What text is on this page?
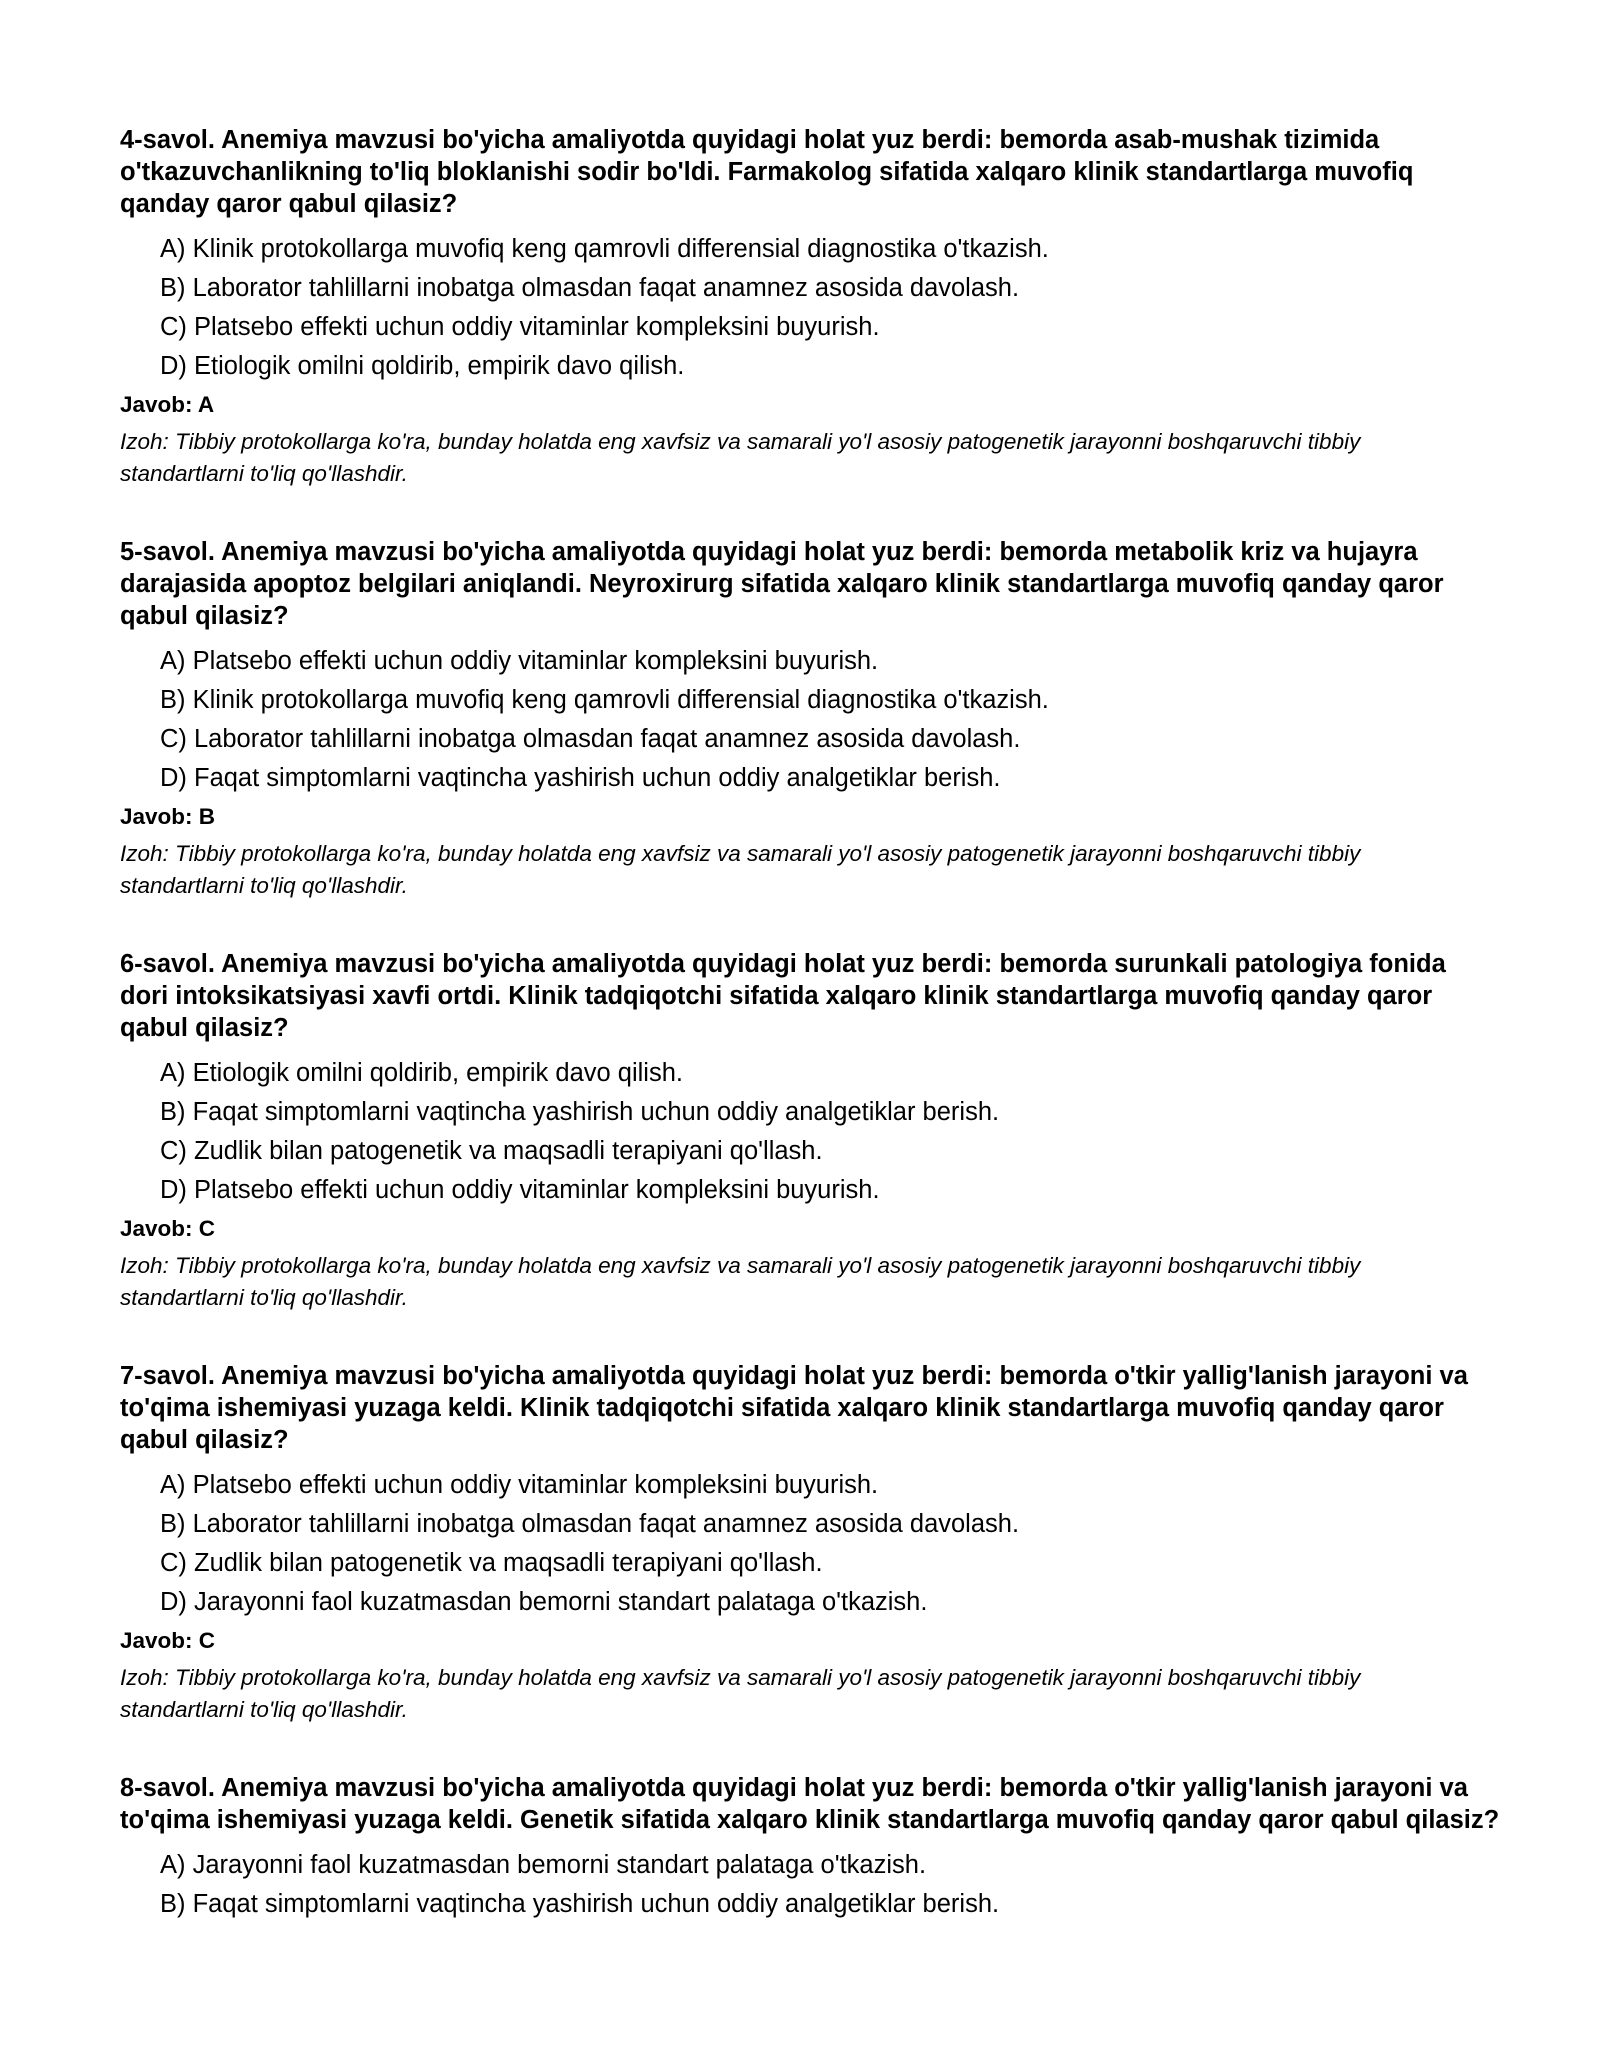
4-savol. Anemiya mavzusi bo'yicha amaliyotda quyidagi holat yuz berdi: bemorda asab-mushak tizimida o'tkazuvchanlikning to'liq bloklanishi sodir bo'ldi. Farmakolog sifatida xalqaro klinik standartlarga muvofiq qanday qaror qabul qilasiz?
A) Klinik protokollarga muvofiq keng qamrovli differensial diagnostika o'tkazish.
B) Laborator tahlillarni inobatga olmasdan faqat anamnez asosida davolash.
C) Platsebo effekti uchun oddiy vitaminlar kompleksini buyurish.
D) Etiologik omilni qoldirib, empirik davo qilish.
Javob: A
Izoh: Tibbiy protokollarga ko'ra, bunday holatda eng xavfsiz va samarali yo'l asosiy patogenetik jarayonni boshqaruvchi tibbiy standartlarni to'liq qo'llashdir.
5-savol. Anemiya mavzusi bo'yicha amaliyotda quyidagi holat yuz berdi: bemorda metabolik kriz va hujayra darajasida apoptoz belgilari aniqlandi. Neyroxirurg sifatida xalqaro klinik standartlarga muvofiq qanday qaror qabul qilasiz?
A) Platsebo effekti uchun oddiy vitaminlar kompleksini buyurish.
B) Klinik protokollarga muvofiq keng qamrovli differensial diagnostika o'tkazish.
C) Laborator tahlillarni inobatga olmasdan faqat anamnez asosida davolash.
D) Faqat simptomlarni vaqtincha yashirish uchun oddiy analgetiklar berish.
Javob: B
Izoh: Tibbiy protokollarga ko'ra, bunday holatda eng xavfsiz va samarali yo'l asosiy patogenetik jarayonni boshqaruvchi tibbiy standartlarni to'liq qo'llashdir.
6-savol. Anemiya mavzusi bo'yicha amaliyotda quyidagi holat yuz berdi: bemorda surunkali patologiya fonida dori intoksikatsiyasi xavfi ortdi. Klinik tadqiqotchi sifatida xalqaro klinik standartlarga muvofiq qanday qaror qabul qilasiz?
A) Etiologik omilni qoldirib, empirik davo qilish.
B) Faqat simptomlarni vaqtincha yashirish uchun oddiy analgetiklar berish.
C) Zudlik bilan patogenetik va maqsadli terapiyani qo'llash.
D) Platsebo effekti uchun oddiy vitaminlar kompleksini buyurish.
Javob: C
Izoh: Tibbiy protokollarga ko'ra, bunday holatda eng xavfsiz va samarali yo'l asosiy patogenetik jarayonni boshqaruvchi tibbiy standartlarni to'liq qo'llashdir.
7-savol. Anemiya mavzusi bo'yicha amaliyotda quyidagi holat yuz berdi: bemorda o'tkir yallig'lanish jarayoni va to'qima ishemiyasi yuzaga keldi. Klinik tadqiqotchi sifatida xalqaro klinik standartlarga muvofiq qanday qaror qabul qilasiz?
A) Platsebo effekti uchun oddiy vitaminlar kompleksini buyurish.
B) Laborator tahlillarni inobatga olmasdan faqat anamnez asosida davolash.
C) Zudlik bilan patogenetik va maqsadli terapiyani qo'llash.
D) Jarayonni faol kuzatmasdan bemorni standart palataga o'tkazish.
Javob: C
Izoh: Tibbiy protokollarga ko'ra, bunday holatda eng xavfsiz va samarali yo'l asosiy patogenetik jarayonni boshqaruvchi tibbiy standartlarni to'liq qo'llashdir.
8-savol. Anemiya mavzusi bo'yicha amaliyotda quyidagi holat yuz berdi: bemorda o'tkir yallig'lanish jarayoni va to'qima ishemiyasi yuzaga keldi. Genetik sifatida xalqaro klinik standartlarga muvofiq qanday qaror qabul qilasiz?
A) Jarayonni faol kuzatmasdan bemorni standart palataga o'tkazish.
B) Faqat simptomlarni vaqtincha yashirish uchun oddiy analgetiklar berish.
